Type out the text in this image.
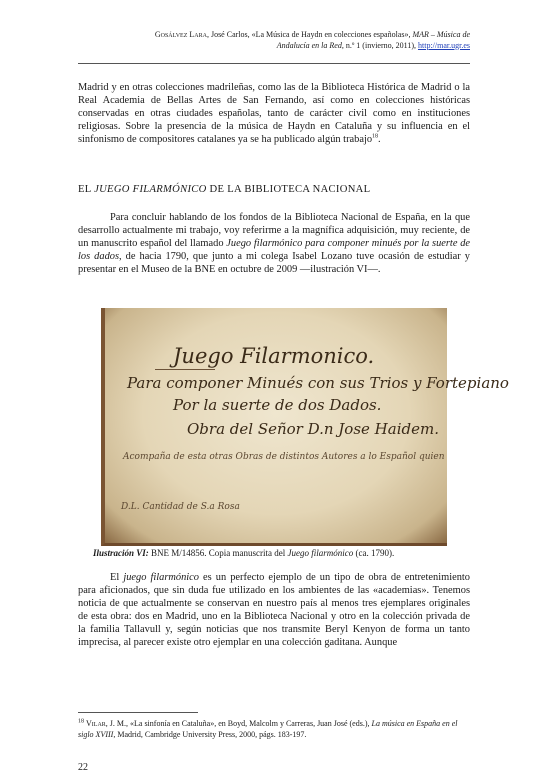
Gosálvez Lara, José Carlos, «La Música de Haydn en colecciones españolas», MAR – Música de
Andalucía en la Red, n.º 1 (invierno, 2011), http://mar.ugr.es

Madrid y en otras colecciones madrileñas, como las de la Biblioteca Histórica de Madrid o la Real Academia de Bellas Artes de San Fernando, así como en colecciones históricas conservadas en otras ciudades españolas, tanto de carácter civil como en instituciones religiosas. Sobre la presencia de la música de Haydn en Cataluña y su influencia en el sinfonismo de compositores catalanes ya se ha publicado algún trabajo$^{18}$.

EL JUEGO FILARMÓNICO DE LA BIBLIOTECA NACIONAL

Para concluir hablando de los fondos de la Biblioteca Nacional de España, en la que desarrollo actualmente mi trabajo, voy referirme a la magnífica adquisición, muy reciente, de un manuscrito español del llamado Juego filarmónico para componer minués por la suerte de los dados, de hacia 1790, que junto a mi colega Isabel Lozano tuve ocasión de estudiar y presentar en el Museo de la BNE en octubre de 2009 —ilustración VI—.

Juego Filarmonico.
Para componer Minués con sus Trios y Fortepiano
Por la suerte de dos Dados.
Obra del Señor D.n Jose Haidem.
Acompaña de esta otras Obras de distintos Autores a lo Español quien
D.L. Cantidad de S.a Rosa
Ilustración VI: BNE M/14856. Copia manuscrita del Juego filarmónico (ca. 1790).

El juego filarmónico es un perfecto ejemplo de un tipo de obra de entretenimiento para aficionados, que sin duda fue utilizado en los ambientes de las «academias». Tenemos noticia de que actualmente se conservan en nuestro país al menos tres ejemplares originales de esta obra: dos en Madrid, uno en la Biblioteca Nacional y otro en la colección privada de la familia Tallavull y, según noticias que nos transmite Beryl Kenyon de forma un tanto imprecisa, al parecer existe otro ejemplar en una colección gaditana. Aunque

$^{18}$ Vilar, J. M., «La sinfonía en Cataluña», en Boyd, Malcolm y Carreras, Juan José (eds.), La música en España en el siglo XVIII, Madrid, Cambridge University Press, 2000, págs. 183-197.

22
